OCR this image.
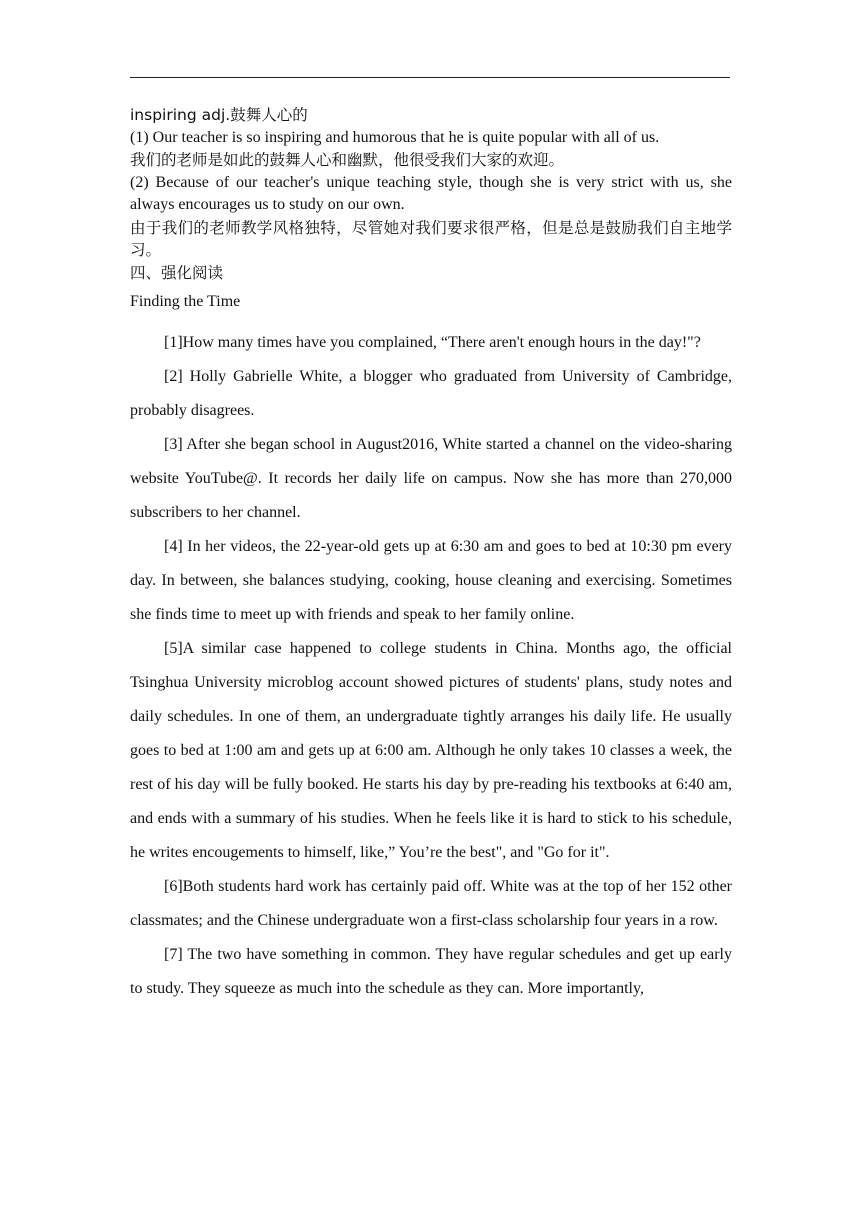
inspiring adj.鼓舞人心的

(1) Our teacher is so inspiring and humorous that he is quite popular with all of us.

我们的老师是如此的鼓舞人心和幽默，他很受我们大家的欢迎。

(2) Because of our teacher's unique teaching style, though she is very strict with us, she always encourages us to study on our own.

由于我们的老师教学风格独特，尽管她对我们要求很严格，但是总是鼓励我们自主地学习。

四、强化阅读

Finding the Time

[1]How many times have you complained, “There aren't enough hours in the day!"?

[2] Holly Gabrielle White, a blogger who graduated from University of Cambridge, probably disagrees.

[3] After she began school in August2016, White started a channel on the video-sharing website YouTube@. It records her daily life on campus. Now she has more than 270,000 subscribers to her channel.

[4] In her videos, the 22-year-old gets up at 6:30 am and goes to bed at 10:30 pm every day. In between, she balances studying, cooking, house cleaning and exercising. Sometimes she finds time to meet up with friends and speak to her family online.

[5]A similar case happened to college students in China. Months ago, the official Tsinghua University microblog account showed pictures of students' plans, study notes and daily schedules. In one of them, an undergraduate tightly arranges his daily life. He usually goes to bed at 1:00 am and gets up at 6:00 am. Although he only takes 10 classes a week, the rest of his day will be fully booked. He starts his day by pre-reading his textbooks at 6:40 am, and ends with a summary of his studies. When he feels like it is hard to stick to his schedule, he writes encougements to himself, like,” You’re the best", and "Go for it".

[6]Both students hard work has certainly paid off. White was at the top of her 152 other classmates; and the Chinese undergraduate won a first-class scholarship four years in a row.

[7] The two have something in common. They have regular schedules and get up early to study. They squeeze as much into the schedule as they can. More importantly,
